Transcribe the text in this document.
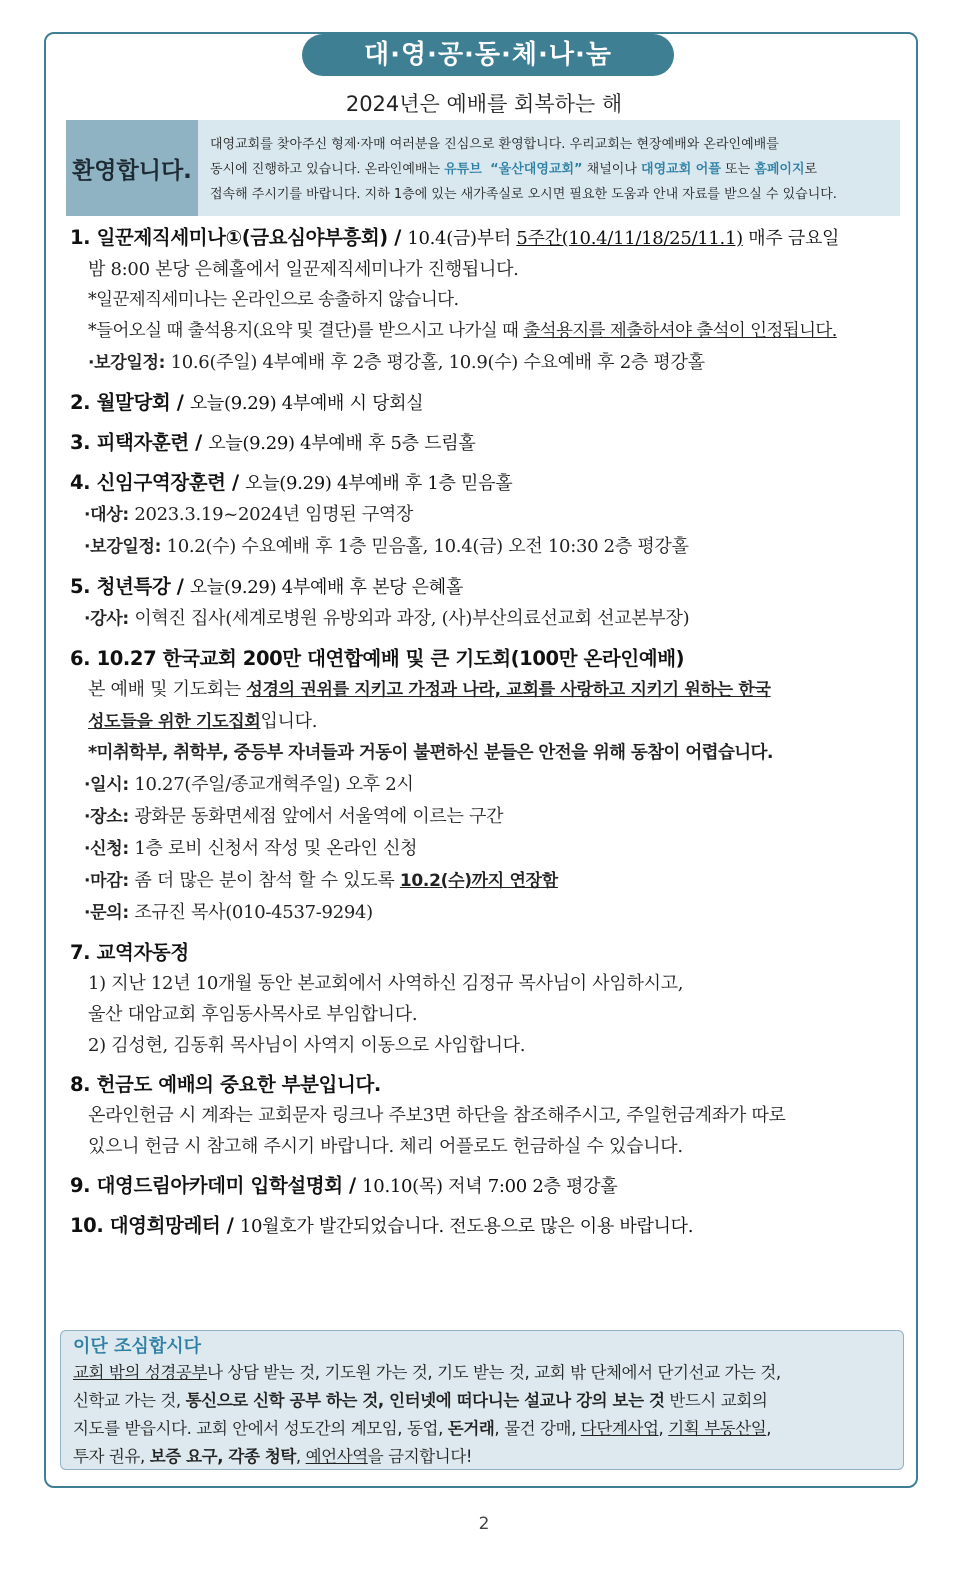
대·영·공·동·체·나·눔
2024년은 예배를 회복하는 해
환영합니다.
대영교회를 찾아주신 형제·자매 여러분을 진심으로 환영합니다. 우리교회는 현장예배와 온라인예배를
동시에 진행하고 있습니다. 온라인예배는 유튜브 “울산대영교회” 채널이나 대영교회 어플 또는 홈페이지로
접속해 주시기를 바랍니다. 지하 1층에 있는 새가족실로 오시면 필요한 도움과 안내 자료를 받으실 수 있습니다.
1. 일꾼제직세미나①(금요심야부흥회) / 10.4(금)부터 5주간(10.4/11/18/25/11.1) 매주 금요일
밤 8:00 본당 은혜홀에서 일꾼제직세미나가 진행됩니다.
*일꾼제직세미나는 온라인으로 송출하지 않습니다.
*들어오실 때 출석용지(요약 및 결단)를 받으시고 나가실 때 출석용지를 제출하셔야 출석이 인정됩니다.
·보강일정: 10.6(주일) 4부예배 후 2층 평강홀, 10.9(수) 수요예배 후 2층 평강홀
2. 월말당회 / 오늘(9.29) 4부예배 시 당회실
3. 피택자훈련 / 오늘(9.29) 4부예배 후 5층 드림홀
4. 신임구역장훈련 / 오늘(9.29) 4부예배 후 1층 믿음홀
·대상: 2023.3.19~2024년 임명된 구역장
·보강일정: 10.2(수) 수요예배 후 1층 믿음홀, 10.4(금) 오전 10:30 2층 평강홀
5. 청년특강 / 오늘(9.29) 4부예배 후 본당 은혜홀
·강사: 이혁진 집사(세계로병원 유방외과 과장, (사)부산의료선교회 선교본부장)
6. 10.27 한국교회 200만 대연합예배 및 큰 기도회(100만 온라인예배)
본 예배 및 기도회는 성경의 권위를 지키고 가정과 나라, 교회를 사랑하고 지키기 원하는 한국
성도들을 위한 기도집회입니다.
*미취학부, 취학부, 중등부 자녀들과 거동이 불편하신 분들은 안전을 위해 동참이 어렵습니다.
·일시: 10.27(주일/종교개혁주일) 오후 2시
·장소: 광화문 동화면세점 앞에서 서울역에 이르는 구간
·신청: 1층 로비 신청서 작성 및 온라인 신청
·마감: 좀 더 많은 분이 참석 할 수 있도록 10.2(수)까지 연장함
·문의: 조규진 목사(010-4537-9294)
7. 교역자동정
1) 지난 12년 10개월 동안 본교회에서 사역하신 김정규 목사님이 사임하시고,
울산 대암교회 후임동사목사로 부임합니다.
2) 김성현, 김동휘 목사님이 사역지 이동으로 사임합니다.
8. 헌금도 예배의 중요한 부분입니다.
온라인헌금 시 계좌는 교회문자 링크나 주보3면 하단을 참조해주시고, 주일헌금계좌가 따로
있으니 헌금 시 참고해 주시기 바랍니다. 체리 어플로도 헌금하실 수 있습니다.
9. 대영드림아카데미 입학설명회 / 10.10(목) 저녁 7:00 2층 평강홀
10. 대영희망레터 / 10월호가 발간되었습니다. 전도용으로 많은 이용 바랍니다.
이단 조심합시다
교회 밖의 성경공부나 상담 받는 것, 기도원 가는 것, 기도 받는 것, 교회 밖 단체에서 단기선교 가는 것,
신학교 가는 것, 통신으로 신학 공부 하는 것, 인터넷에 떠다니는 설교나 강의 보는 것 반드시 교회의
지도를 받읍시다. 교회 안에서 성도간의 계모임, 동업, 돈거래, 물건 강매, 다단계사업, 기획 부동산일,
투자 권유, 보증 요구, 각종 청탁, 예언사역을 금지합니다!
2
